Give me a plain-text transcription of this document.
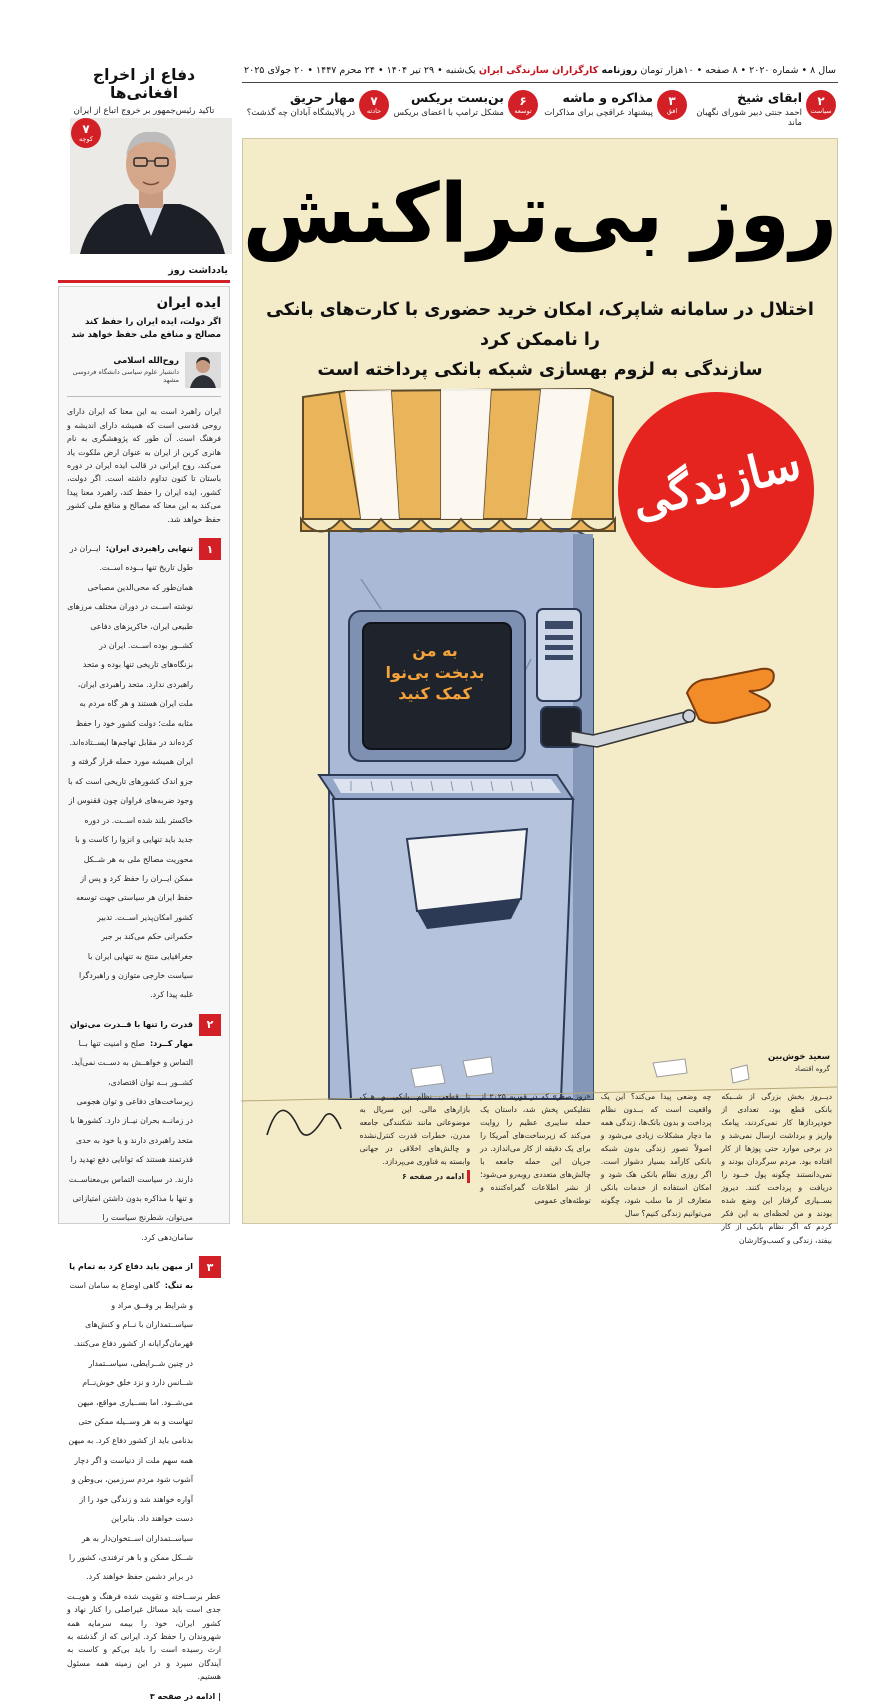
سال ۸ • شماره ۲۰۲۰ • ۸ صفحه • ۱۰هزار تومان
روزنامه کارگزاران سازندگی ایران
یک‌شنبه • ۲۹ تیر ۱۴۰۴ • ۲۴ محرم ۱۴۴۷ • ۲۰ جولای ۲۰۲۵
۲
سیاست
ابقای شیخ
احمد جنتی دبیر شورای نگهبان ماند
۳
افق
مذاکره و ماشه
پیشنهاد عراقچی برای مذاکرات
۶
توسعه
بن‌بست بریکس
مشکل ترامپ با اعضای بریکس
۷
حادثه
مهار حریق
در پالایشگاه آبادان چه گذشت؟
دفاع از اخراج افغانی‌ها
تاکید رئیس‌جمهور بر خروج اتباع از ایران
۷
کوچه
یادداشت روز
ایده ایران
اگر دولت، ایده ایران را حفظ کند مصالح و منافع ملی حفظ خواهد شد
روح‌الله اسلامی
دانشیار علوم سیاسی دانشگاه فردوسی مشهد
ایران راهبرد است به این معنا که ایران دارای روحی قدسی است که همیشه دارای اندیشه و فرهنگ است. آن طور که پژوهشگری به نام هانری کربن از ایران به عنوان ارض ملکوت یاد می‌کند، روح ایرانی در قالب ایده ایران در دوره باستان تا کنون تداوم داشته است. اگر دولت، کشور، ایده ایران را حفظ کند، راهبرد معنا پیدا می‌کند به این معنا که مصالح و منافع ملی کشور حفظ خواهد شد.
۱
تنهایی راهبردی ایران: ایــران در طول تاریخ تنها بــوده اســت. همان‌طور که محی‌الدین مصباحی نوشته اســت در دوران مختلف مرزهای طبیعی ایران، خاکریزهای دفاعی کشــور بوده اســت. ایران در بزنگاه‌های تاریخی تنها بوده و متحد راهبردی ندارد. متحد راهبردی ایران، ملت ایران هستند و هر گاه مردم به مثابه ملت؛ دولت کشور خود را حفظ کرده‌اند در مقابل تهاجم‌ها ایســتاده‌اند. ایران همیشه مورد حمله قرار گرفته و جزو اندک کشورهای تاریخی است که با وجود ضربه‌های فراوان چون ققنوس از خاکستر بلند شده اســت. در دوره جدید باید تنهایی و انزوا را کاست و با محوریت مصالح ملی به هر شــکل ممکن ایــران را حفظ کرد و پس از حفظ ایران هر سیاستی جهت توسعه کشور امکان‌پذیر اســت. تدبیر حکمرانی حکم می‌کند بر جبر جغرافیایی منتج به تنهایی ایران با سیاست خارجی متوازن و راهبردگرا غلبه پیدا کرد.
۲
قدرت را تنها با قــدرت می‌توان مهار کــرد: صلح و امنیت تنها بــا التماس و خواهــش به دســت نمی‌آید. کشــور بــه توان اقتصادی، زیرساخت‌های دفاعی و توان هجومی در زمانــه بحران نیــاز دارد. کشورها با متحد راهبردی دارند و یا خود به حدی قدرتمند هستند که توانایی دفع تهدید را دارند. در سیاست التماس بی‌معناســت و تنها با مذاکره بدون داشتن امتیازاتی می‌توان، شطرنج سیاست را سامان‌دهی کرد.
۳
از میهن باید دفاع کرد به تمام یا به تنگ: گاهی اوضاع به سامان است و شرایط بر وفــق مراد و سیاســتمداران با نــام و کنش‌های قهرمان‌گرایانه از کشور دفاع می‌کنند. در چنین شــرایطی، سیاســتمدار شــانس دارد و نزد خلق خوش‌نــام می‌شــود. اما بســیاری مواقع، میهن تنهاست و به هر وســیله ممکن حتی بدنامی باید از کشور دفاع کرد. به میهن همه سهم ملت از دنیاست و اگر دچار آشوب شود مردم سرزمین، بی‌وطن و آواره خواهند شد و زندگی خود را از دست خواهند داد. بنابراین سیاســتمداران اســتخوان‌دار به هر شــکل ممکن و با هر ترفندی، کشور را در برابر دشمن حفظ خواهند کرد.
عطر برســاخته و تقویت شده فرهنگ و هویــت جدی است باید مسائل غیراصلی را کنار نهاد و کشور ایران، خود را بیمه سرمایه همه شهروندان را حفظ کرد. ایرانی که از گذشته به ارث رسیده است را باید بی‌کم و کاست به آیندگان سپرد و در این زمینه همه مسئول هستیم.
| ادامه در صفحه ۳
به من
بدبخت بی‌نوا
کمک کنید
روز بی‌تراکنش
اختلال در سامانه شاپرک، امکان خرید حضوری با کارت‌های بانکی را ناممکن کرد
سازندگی به لزوم بهسازی شبکه بانکی پرداخته است
سازندگی
سعید خوش‌بین
گروه اقتصاد
دیــروز بخش بزرگی از شــبکه بانکی قطع بود، تعدادی از خودپردازها کار نمی‌کردند، پیامک واریز و برداشت ارسال نمی‌شد و در برخی موارد حتی پوزها از کار افتاده بود. مردم سرگردان بودند و نمی‌دانستند چگونه پول خــود را دریافت و پرداخت کنند. دیروز بســیاری گرفتار این وضع شده بودند و من لحظه‌ای به این فکر کردم که اگر نظام بانکی از کار بیفتد، زندگی و کسب‌وکارشان
چه وضعی پیدا می‌کند؟ این یک واقعیت است که بــدون نظام پرداخت و بدون بانک‌ها، زندگی همه ما دچار مشکلات زیادی می‌شود و اصولاً تصور زندگی بدون شبکه بانکی کارآمد بسیار دشوار است. اگر روزی نظام بانکی هک شود و امکان استفاده از خدمات بانکی متعارف از ما سلب شود، چگونه می‌توانیم زندگی کنیم؟ سال
«روز صفر» که در فوریه ۲۰۲۵ از نتفلیکس پخش شد، داستان یک حمله سایبری عظیم را روایت می‌کند که زیرساخت‌های آمریکا را برای یک دقیقه از کار می‌اندازد. در جریان این حمله جامعه با چالش‌های متعددی روبه‌رو می‌شود؛ از نشر اطلاعات گمراه‌کننده و توطئه‌های عمومی
تا قطعی نظام بانکی و هــک بازارهای مالی. این سریال به موضوعاتی مانند شکنندگی جامعه مدرن، خطرات قدرت کنترل‌نشده و چالش‌های اخلاقی در جهانی وابسته به فناوری می‌پردازد.
ادامه در صفحه ۶
